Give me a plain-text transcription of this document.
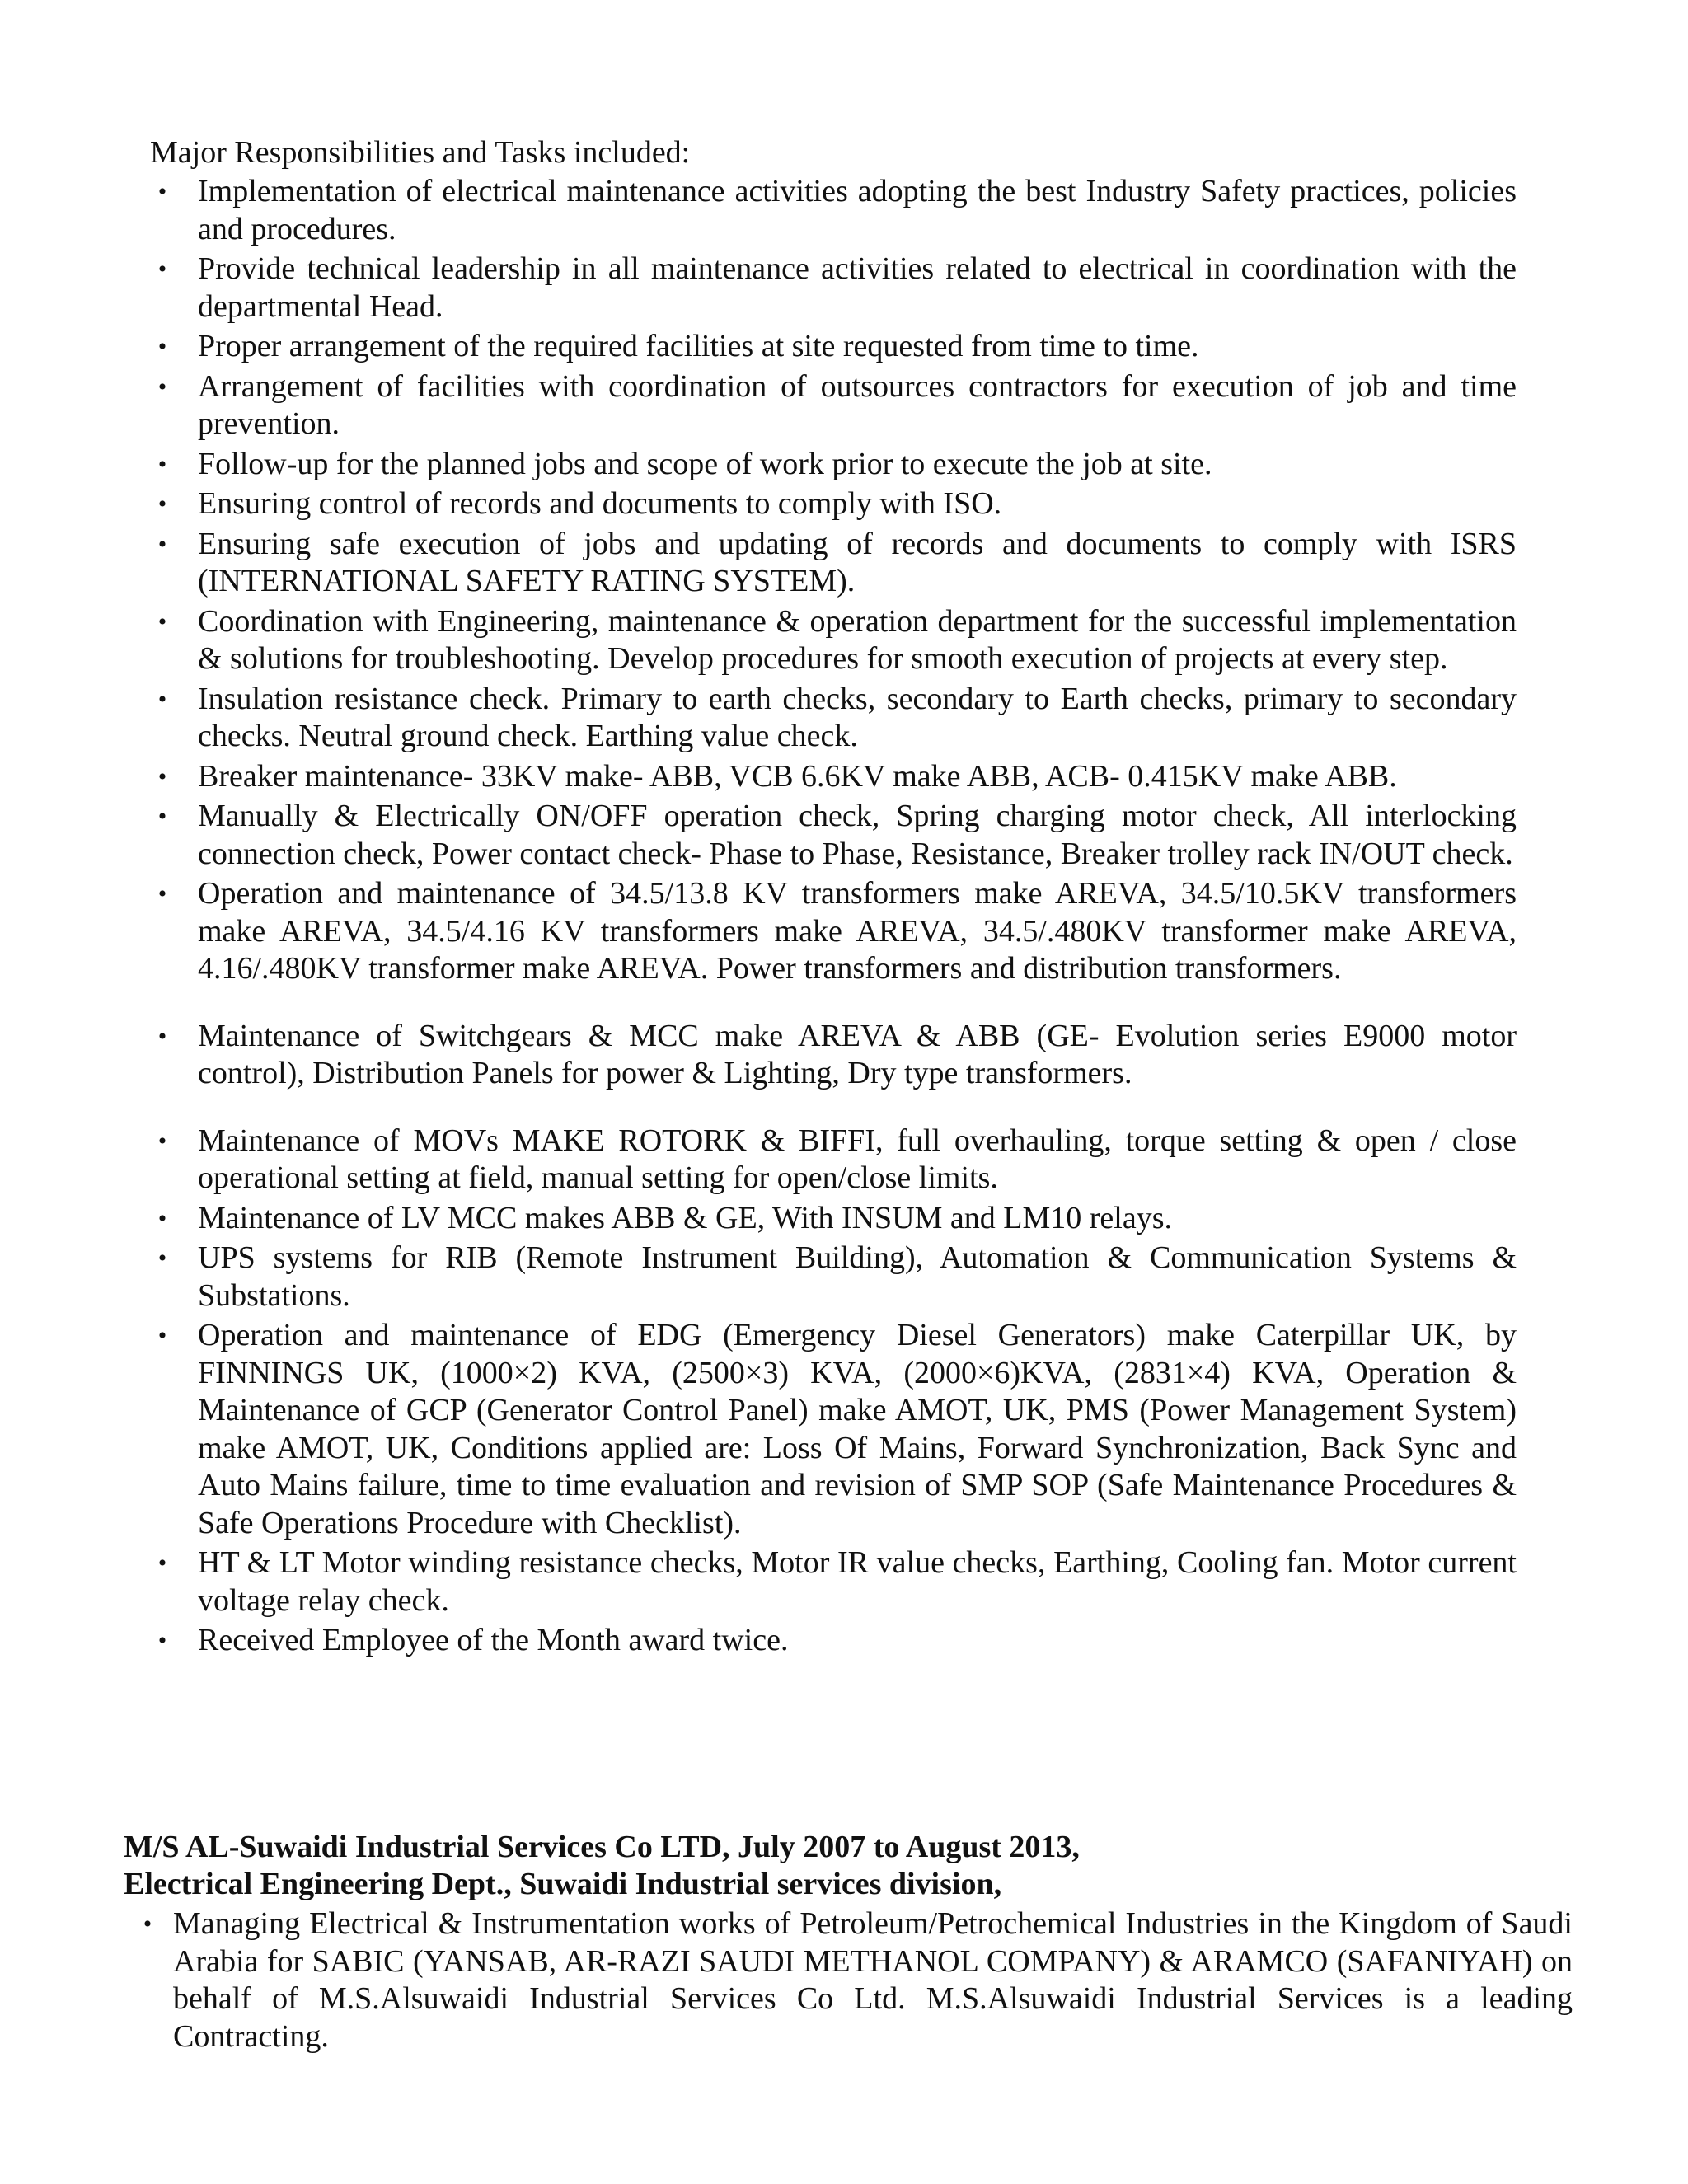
Major Responsibilities and Tasks included:

• Implementation of electrical maintenance activities adopting the best Industry Safety practices, policies and procedures.
• Provide technical leadership in all maintenance activities related to electrical in coordination with the departmental Head.
• Proper arrangement of the required facilities at site requested from time to time.
• Arrangement of facilities with coordination of outsources contractors for execution of job and time prevention.
• Follow-up for the planned jobs and scope of work prior to execute the job at site.
• Ensuring control of records and documents to comply with ISO.
• Ensuring safe execution of jobs and updating of records and documents to comply with ISRS (INTERNATIONAL SAFETY RATING SYSTEM).
• Coordination with Engineering, maintenance & operation department for the successful implementation & solutions for troubleshooting. Develop procedures for smooth execution of projects at every step.
• Insulation resistance check. Primary to earth checks, secondary to Earth checks, primary to secondary checks. Neutral ground check. Earthing value check.
• Breaker maintenance- 33KV make- ABB, VCB 6.6KV make ABB, ACB- 0.415KV make ABB.
• Manually & Electrically ON/OFF operation check, Spring charging motor check, All interlocking connection check, Power contact check- Phase to Phase, Resistance, Breaker trolley rack IN/OUT check.
• Operation and maintenance of 34.5/13.8 KV transformers make AREVA, 34.5/10.5KV transformers make AREVA, 34.5/4.16 KV transformers make AREVA, 34.5/.480KV transformer make AREVA, 4.16/.480KV transformer make AREVA. Power transformers and distribution transformers.
• Maintenance of Switchgears & MCC make AREVA & ABB (GE- Evolution series E9000 motor control), Distribution Panels for power & Lighting, Dry type transformers.
• Maintenance of MOVs MAKE ROTORK & BIFFI, full overhauling, torque setting & open / close operational setting at field, manual setting for open/close limits.
• Maintenance of LV MCC makes ABB & GE, With INSUM and LM10 relays.
• UPS systems for RIB (Remote Instrument Building), Automation & Communication Systems & Substations.
• Operation and maintenance of EDG (Emergency Diesel Generators) make Caterpillar UK, by FINNINGS UK, (1000×2) KVA, (2500×3) KVA, (2000×6)KVA, (2831×4) KVA, Operation & Maintenance of GCP (Generator Control Panel) make AMOT, UK, PMS (Power Management System) make AMOT, UK, Conditions applied are: Loss Of Mains, Forward Synchronization, Back Sync and Auto Mains failure, time to time evaluation and revision of SMP SOP (Safe Maintenance Procedures & Safe Operations Procedure with Checklist).
• HT & LT Motor winding resistance checks, Motor IR value checks, Earthing, Cooling fan. Motor current voltage relay check.
• Received Employee of the Month award twice.

M/S AL-Suwaidi Industrial Services Co LTD, July 2007 to August 2013,

Electrical Engineering Dept., Suwaidi Industrial services division,

• Managing Electrical & Instrumentation works of Petroleum/Petrochemical Industries in the Kingdom of Saudi Arabia for SABIC (YANSAB, AR-RAZI SAUDI METHANOL COMPANY) & ARAMCO (SAFANIYAH) on behalf of M.S.Alsuwaidi Industrial Services Co Ltd. M.S.Alsuwaidi Industrial Services is a leading Contracting.
